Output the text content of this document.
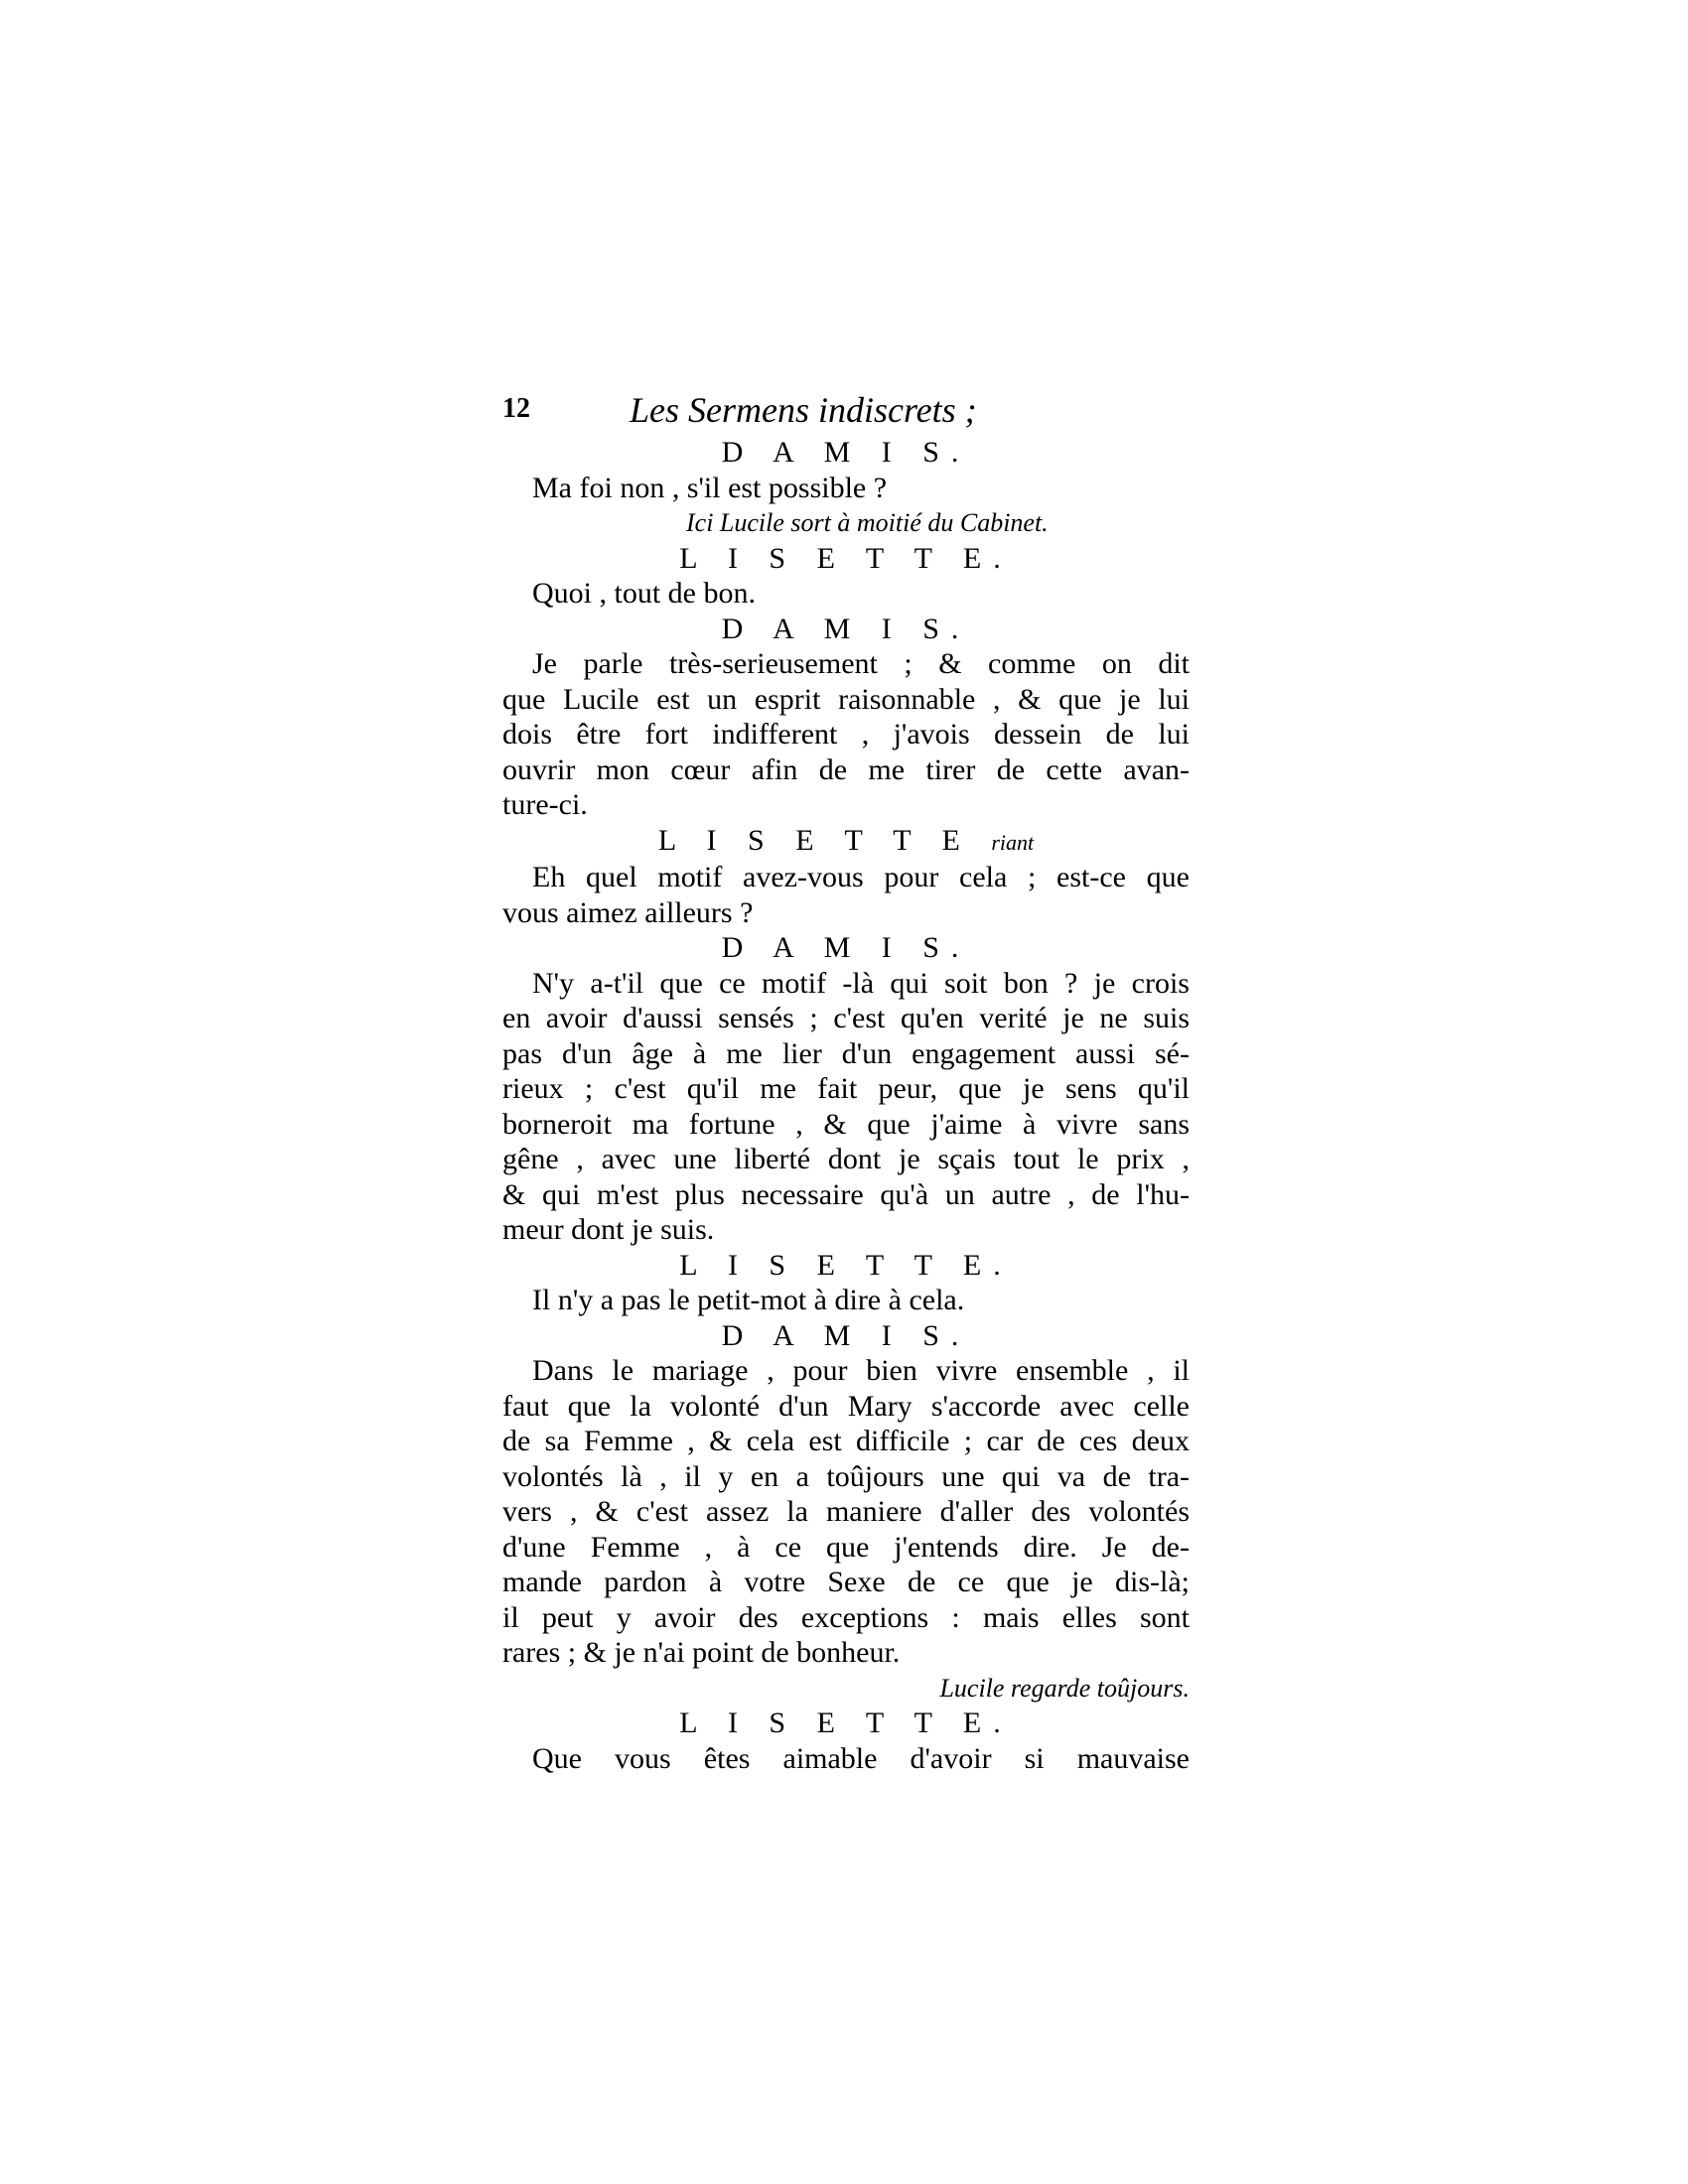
12	Les Sermens indiscrets ;
D A M I S.
Ma foi non , s'il est possible ?
Ici Lucile sort à moitié du Cabinet.
L I S E T T E.
Quoi , tout de bon.
D A M I S.
Je parle très-serieusement ; & comme on dit
que Lucile est un esprit raisonnable , & que je lui
dois être fort indifferent , j'avois dessein de lui
ouvrir mon cœur afin de me tirer de cette avan-
ture-ci.
L I S E T T E riant
Eh quel motif avez-vous pour cela ; est-ce que
vous aimez ailleurs ?
D A M I S.
N'y a-t'il que ce motif -là qui soit bon ? je crois
en avoir d'aussi sensés ; c'est qu'en verité je ne suis
pas d'un âge à me lier d'un engagement aussi sé-
rieux ; c'est qu'il me fait peur, que je sens qu'il
borneroit ma fortune , & que j'aime à vivre sans
gêne , avec une liberté dont je sçais tout le prix ,
& qui m'est plus necessaire qu'à un autre , de l'hu-
meur dont je suis.
L I S E T T E.
Il n'y a pas le petit-mot à dire à cela.
D A M I S.
Dans le mariage , pour bien vivre ensemble , il
faut que la volonté d'un Mary s'accorde avec celle
de sa Femme , & cela est difficile ; car de ces deux
volontés là , il y en a toûjours une qui va de tra-
vers , & c'est assez la maniere d'aller des volontés
d'une Femme , à ce que j'entends dire. Je de-
mande pardon à votre Sexe de ce que je dis-là;
il peut y avoir des exceptions : mais elles sont
rares ; & je n'ai point de bonheur.
Lucile regarde toûjours.
L I S E T T E.
Que vous êtes aimable d'avoir si mauvaise
